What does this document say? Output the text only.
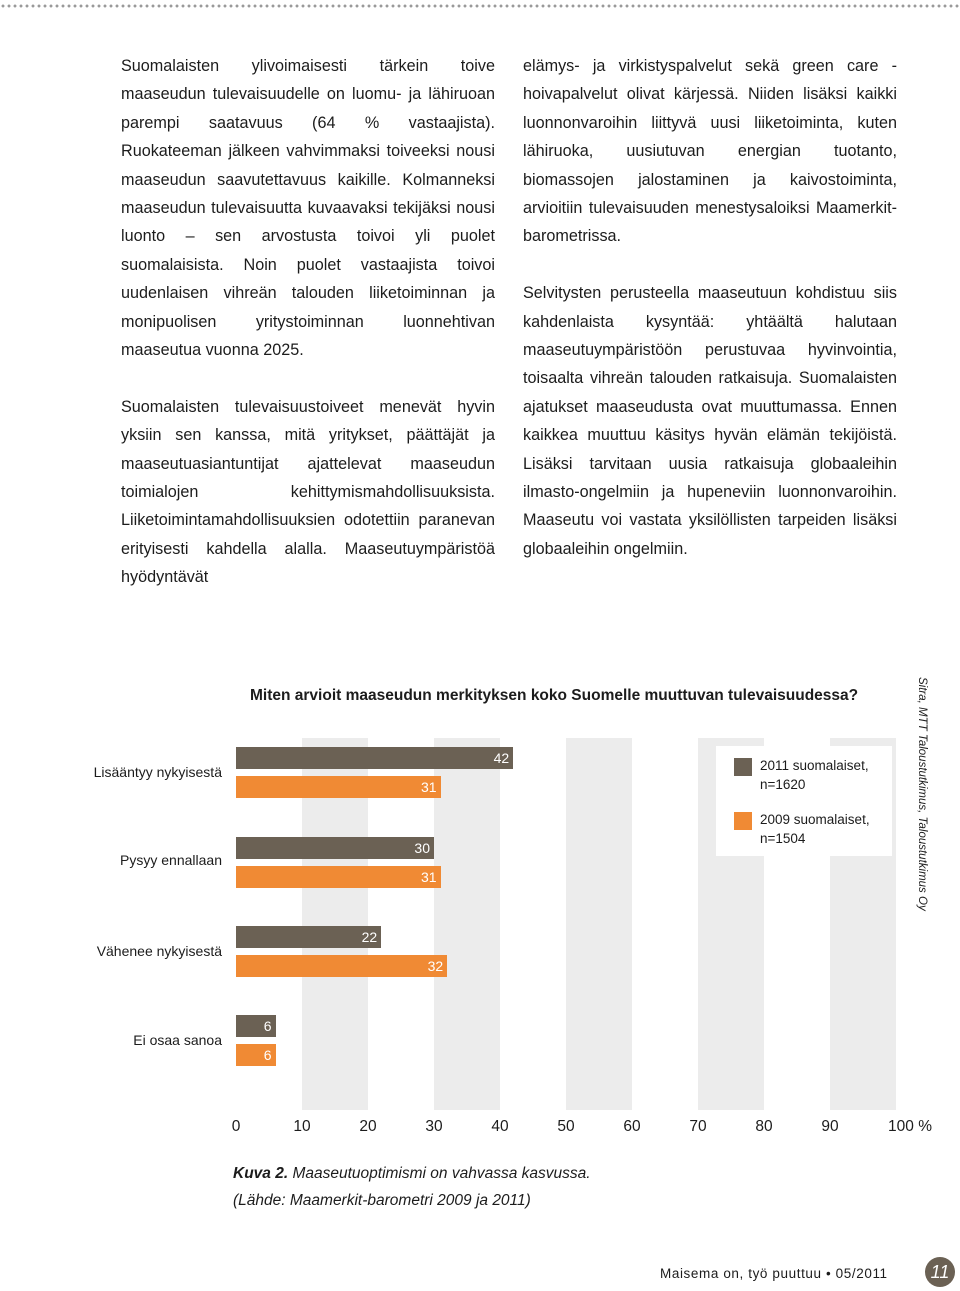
Suomalaisten ylivoimaisesti tärkein toive maaseudun tulevaisuudelle on luomu- ja lähiruoan parempi saatavuus (64 % vastaajista). Ruokateeman jälkeen vahvimmaksi toiveeksi nousi maaseudun saavutettavuus kaikille. Kolmanneksi maaseudun tulevaisuutta kuvaavaksi tekijäksi nousi luonto – sen arvostusta toivoi yli puolet suomalaisista. Noin puolet vastaajista toivoi uudenlaisen vihreän talouden liiketoiminnan ja monipuolisen yritystoiminnan luonnehtivan maaseutua vuonna 2025.

Suomalaisten tulevaisuustoiveet menevät hyvin yksiin sen kanssa, mitä yritykset, päättäjät ja maaseutuasiantuntijat ajattelevat maaseudun toimialojen kehittymismahdollisuuksista. Liiketoimintamahdollisuuksien odotettiin paranevan erityisesti kahdella alalla. Maaseutuympäristöä hyödyntävät

elämys- ja virkistyspalvelut sekä green care -hoivapalvelut olivat kärjessä. Niiden lisäksi kaikki luonnonvaroihin liittyvä uusi liiketoiminta, kuten lähiruoka, uusiutuvan energian tuotanto, biomassojen jalostaminen ja kaivostoiminta, arvioitiin tulevaisuuden menestysaloiksi Maamerkit-barometrissa.

Selvitysten perusteella maaseutuun kohdistuu siis kahdenlaista kysyntää: yhtäältä halutaan maaseutuympäristöön perustuvaa hyvinvointia, toisaalta vihreän talouden ratkaisuja. Suomalaisten ajatukset maaseudusta ovat muuttumassa. Ennen kaikkea muuttuu käsitys hyvän elämän tekijöistä. Lisäksi tarvitaan uusia ratkaisuja globaaleihin ilmasto-ongelmiin ja hupeneviin luonnonvaroihin. Maaseutu voi vastata yksilöllisten tarpeiden lisäksi globaaleihin ongelmiin.

Lisääntyy nykyisestä
42
31
Pysyy ennallaan
30
31
Vähenee nykyisestä
22
32
Ei osaa sanoa
6
6
0	10	20	30	40	50	60	70	80	90	100 %
Miten arvioit maaseudun merkityksen koko Suomelle muuttuvan tulevaisuudessa?
2011 suomalaiset, n=1620
2009 suomalaiset, n=1504	Sitra, MTT Taloustutkimus, Taloustutkimus Oy
Kuva 2. Maaseutuoptimismi on vahvassa kasvussa.
(Lähde: Maamerkit-barometri 2009 ja 2011)
Maisema on, työ puuttuu • 05/2011	11
